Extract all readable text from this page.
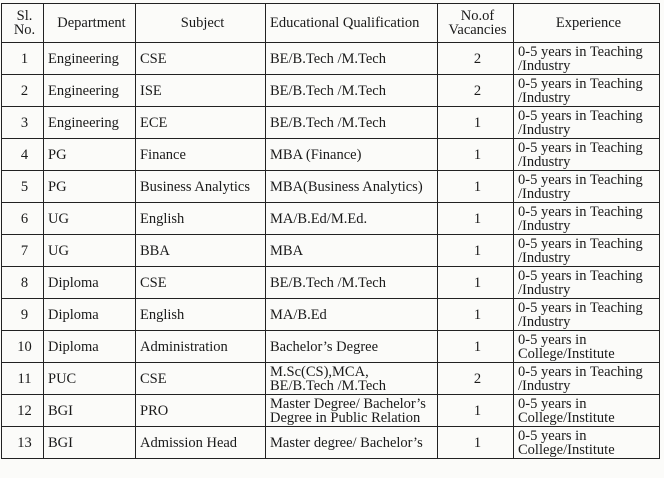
Sl.
No.	Department	Subject	Educational Qualification	No.of
Vacancies	Experience
1	Engineering	CSE	BE/B.Tech /M.Tech	2	0-5 years in Teaching
/Industry

2	Engineering	ISE	BE/B.Tech /M.Tech	2	0-5 years in Teaching
/Industry

3	Engineering	ECE	BE/B.Tech /M.Tech	1	0-5 years in Teaching
/Industry

4	PG	Finance	MBA (Finance)	1	0-5 years in Teaching
/Industry

5	PG	Business Analytics	MBA(Business Analytics)	1	0-5 years in Teaching
/Industry

6	UG	English	MA/B.Ed/M.Ed.	1	0-5 years in Teaching
/Industry

7	UG	BBA	MBA	1	0-5 years in Teaching
/Industry

8	Diploma	CSE	BE/B.Tech /M.Tech	1	0-5 years in Teaching
/Industry

9	Diploma	English	MA/B.Ed	1	0-5 years in Teaching
/Industry

10	Diploma	Administration	Bachelor’s Degree	1	0-5 years in
College/Institute

11	PUC	CSE	M.Sc(CS),MCA,
BE/B.Tech /M.Tech	2	0-5 years in Teaching
/Industry

12	BGI	PRO	Master Degree/ Bachelor’s
Degree in Public Relation	1	0-5 years in
College/Institute

13	BGI	Admission Head	Master degree/ Bachelor’s	1	0-5 years in
College/Institute
